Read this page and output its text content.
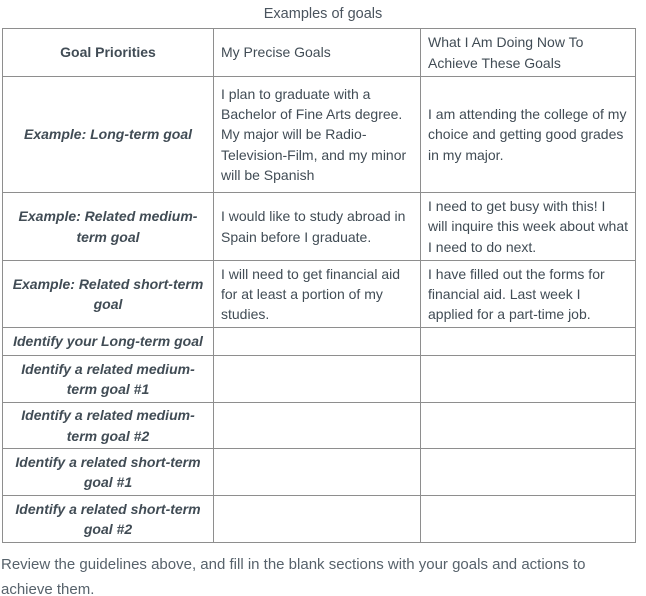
Examples of goals
Goal Priorities	My Precise Goals	What I Am Doing Now To Achieve These Goals
Example: Long-term goal	I plan to graduate with a Bachelor of Fine Arts degree. My major will be Radio-Television-Film, and my minor will be Spanish	I am attending the college of my choice and getting good grades in my major.
Example: Related medium-term goal	I would like to study abroad in Spain before I graduate.	I need to get busy with this! I will inquire this week about what I need to do next.
Example: Related short-term goal	I will need to get financial aid for at least a portion of my studies.	I have filled out the forms for financial aid. Last week I applied for a part-time job.
Identify your Long-term goal		
Identify a related medium-term goal #1		
Identify a related medium-term goal #2		
Identify a related short-term goal #1		
Identify a related short-term goal #2		

Review the guidelines above, and fill in the blank sections with your goals and actions to achieve them.
